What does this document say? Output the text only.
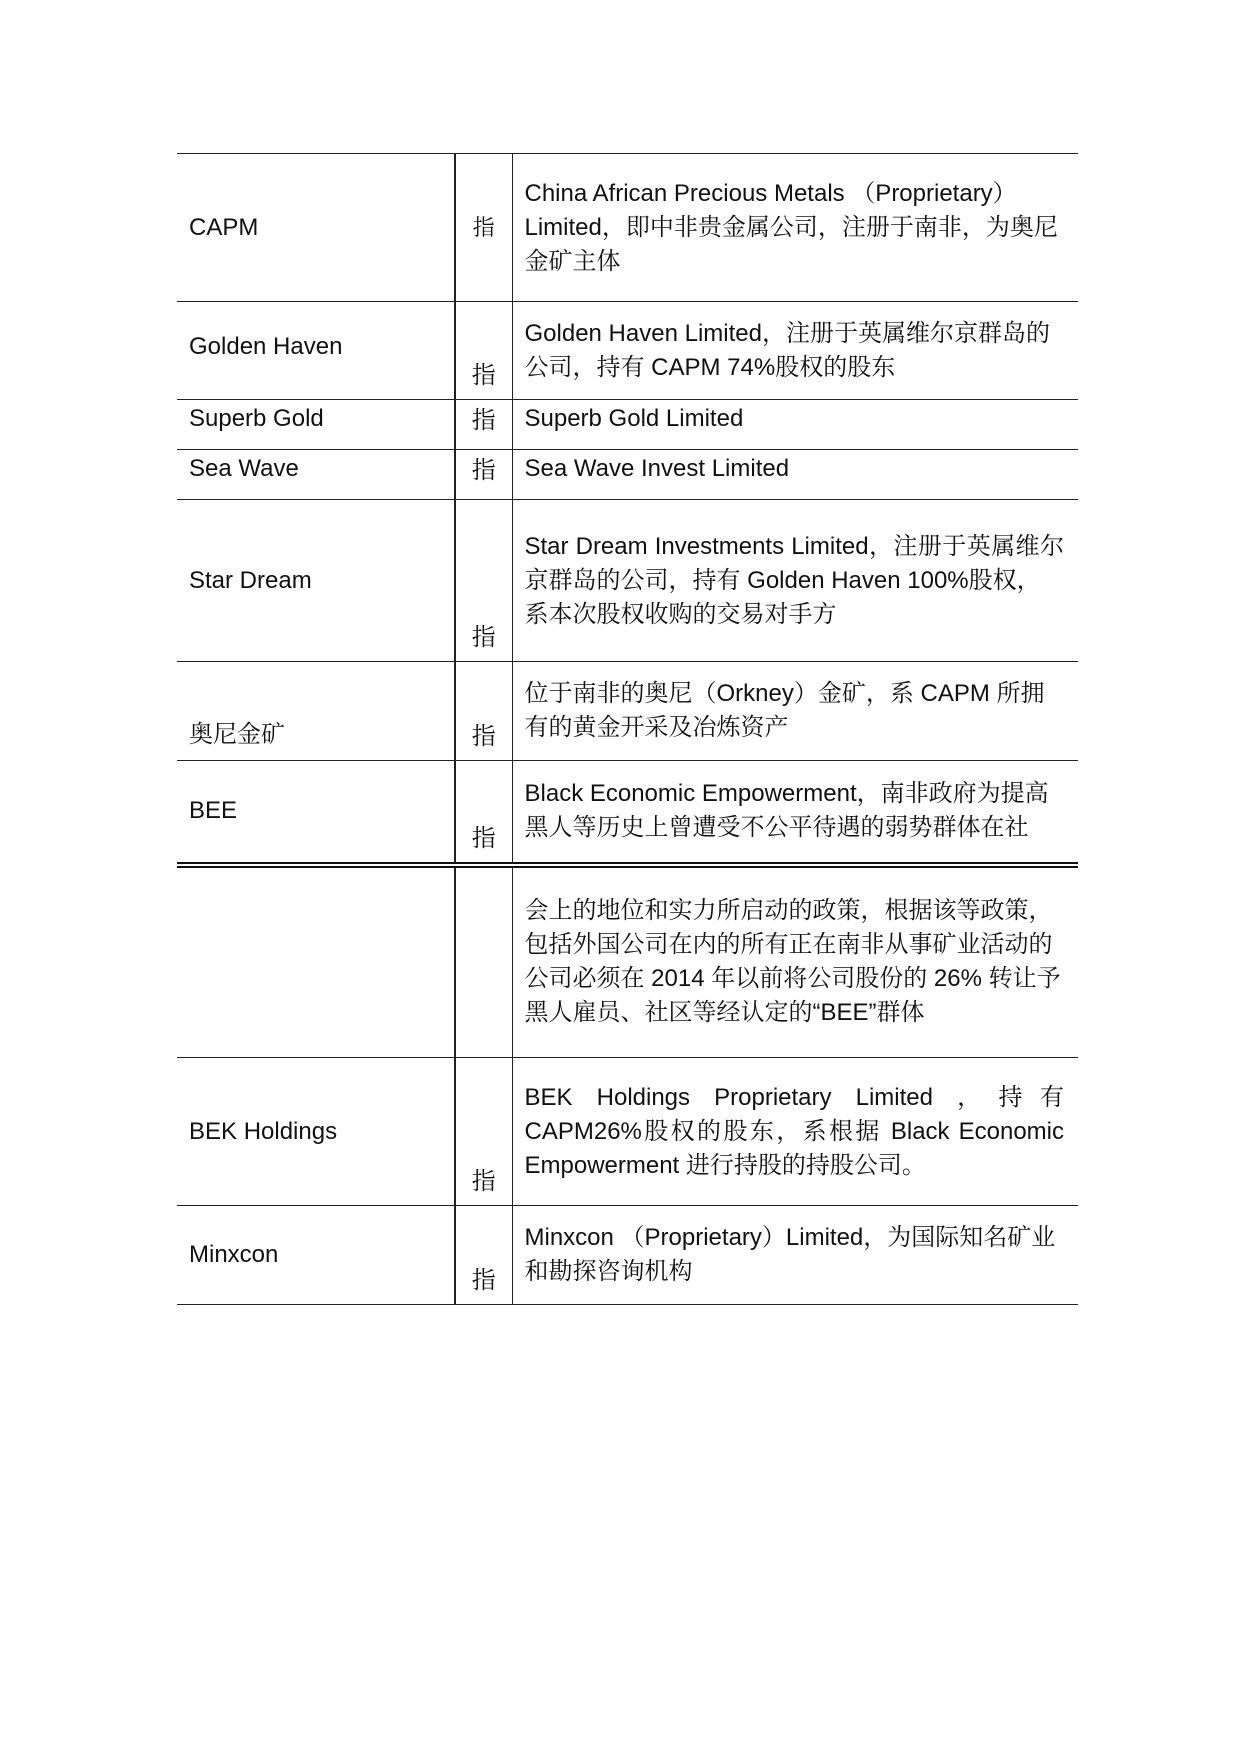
CAPM	指	China African Precious Metals （Proprietary） Limited，即中非贵金属公司，注册于南非，为奥尼金矿主体

Golden Haven	指	Golden Haven Limited，注册于英属维尔京群岛的公司，持有 CAPM 74%股权的股东

Superb Gold	指	Superb Gold Limited

Sea Wave	指	Sea Wave Invest Limited

Star Dream	指	Star Dream Investments Limited，注册于英属维尔京群岛的公司，持有 Golden Haven 100%股权，
系本次股权收购的交易对手方

奥尼金矿	指	位于南非的奥尼（Orkney）金矿，系 CAPM 所拥有的黄金开采及冶炼资产

BEE	指	Black Economic Empowerment，南非政府为提高黑人等历史上曾遭受不公平待遇的弱势群体在社

		会上的地位和实力所启动的政策，根据该等政策，包括外国公司在内的所有正在南非从事矿业活动的公司必须在 2014 年以前将公司股份的 26% 转让予黑人雇员、社区等经认定的“BEE”群体

BEK Holdings	指	BEK Holdings Proprietary Limited ，持有 CAPM26%股权的股东，系根据 Black Economic Empowerment 进行持股的持股公司。

Minxcon	指	Minxcon （Proprietary）Limited，为国际知名矿业和勘探咨询机构
